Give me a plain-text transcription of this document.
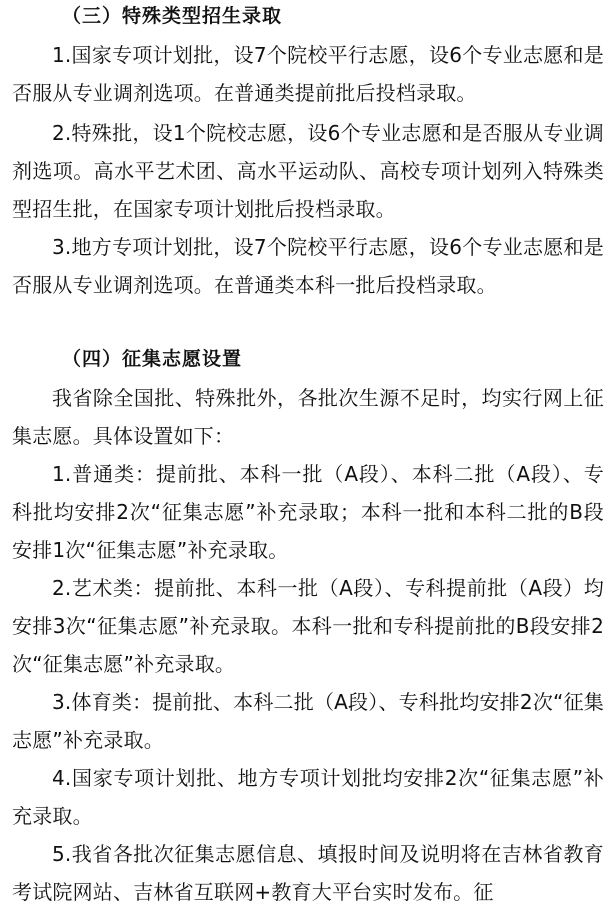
（三）特殊类型招生录取
1.国家专项计划批，设7个院校平行志愿，设6个专业志愿和是否服从专业调剂选项。在普通类提前批后投档录取。
2.特殊批，设1个院校志愿，设6个专业志愿和是否服从专业调剂选项。高水平艺术团、高水平运动队、高校专项计划列入特殊类型招生批，在国家专项计划批后投档录取。
3.地方专项计划批，设7个院校平行志愿，设6个专业志愿和是否服从专业调剂选项。在普通类本科一批后投档录取。
（四）征集志愿设置
我省除全国批、特殊批外，各批次生源不足时，均实行网上征集志愿。具体设置如下：
1.普通类：提前批、本科一批（A段）、本科二批（A段）、专科批均安排2次“征集志愿”补充录取；本科一批和本科二批的B段安排1次“征集志愿”补充录取。
2.艺术类：提前批、本科一批（A段）、专科提前批（A段）均安排3次“征集志愿”补充录取。本科一批和专科提前批的B段安排2次“征集志愿”补充录取。
3.体育类：提前批、本科二批（A段）、专科批均安排2次“征集志愿”补充录取。
4.国家专项计划批、地方专项计划批均安排2次“征集志愿”补充录取。
5.我省各批次征集志愿信息、填报时间及说明将在吉林省教育考试院网站、吉林省互联网+教育大平台实时发布。征
